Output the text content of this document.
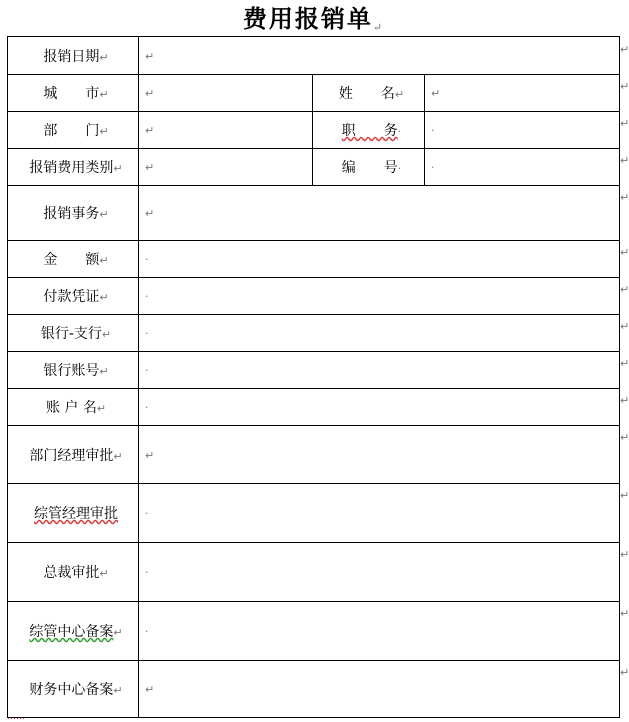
费用报销单↵
报销日期↵	↵		
城　　市↵	↵	姓　　名↵	↵
部　　门↵	↵	职　　务·	·
报销费用类别↵	↵	编　　号·	·
报销事务↵	↵		
金　　额↵	·		
付款凭证↵	·		
银行-支行↵	·		
银行账号↵	·		
账 户 名↵	·		
部门经理审批↵	↵		
综管经理审批	·		
总裁审批↵	·		
综管中心备案↵	·		
财务中心备案↵	↵		
↵
↵
↵
↵
↵
↵
↵
↵
↵
↵
↵
↵
↵
↵
↵
……
